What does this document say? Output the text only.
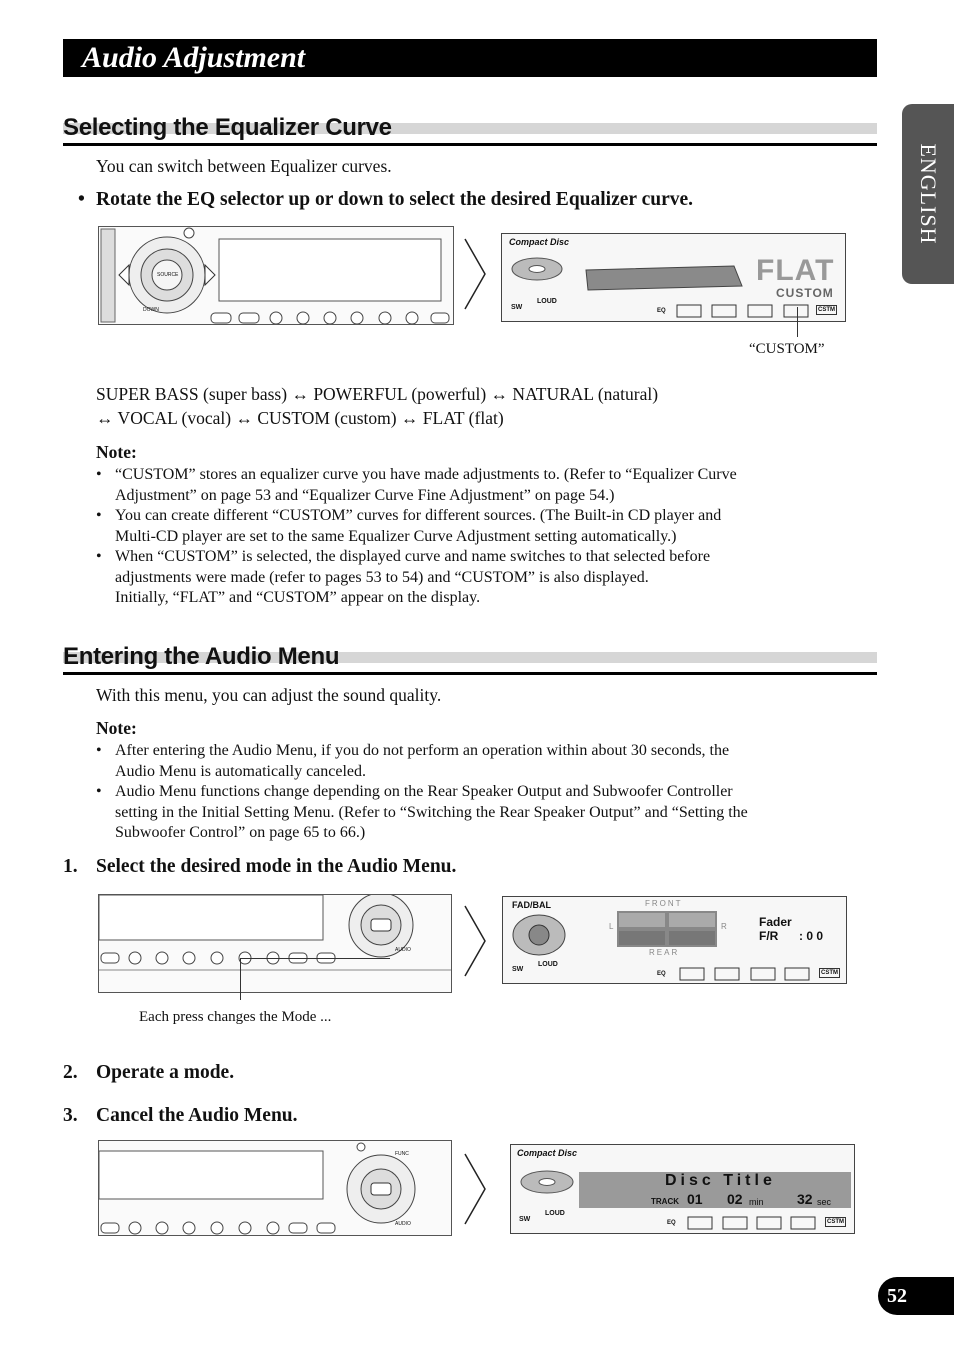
Audio Adjustment
ENGLISH
Selecting the Equalizer Curve
You can switch between Equalizer curves.
• Rotate the EQ selector up or down to select the desired Equalizer curve.
SOURCE
DOWN
Compact Disc
FLAT
CUSTOM
SW
LOUD
EQ	CSTM
“CUSTOM”
SUPER BASS (super bass) ↔ POWERFUL (powerful) ↔ NATURAL (natural)
↔ VOCAL (vocal) ↔ CUSTOM (custom) ↔ FLAT (flat)
Note:
• “CUSTOM” stores an equalizer curve you have made adjustments to. (Refer to “Equalizer Curve
Adjustment” on page 53 and “Equalizer Curve Fine Adjustment” on page 54.)
• You can create different “CUSTOM” curves for different sources. (The Built-in CD player and
Multi-CD player are set to the same Equalizer Curve Adjustment setting automatically.)
• When “CUSTOM” is selected, the displayed curve and name switches to that selected before
adjustments were made (refer to pages 53 to 54) and “CUSTOM” is also displayed.
Initially, “FLAT” and “CUSTOM” appear on the display.
Entering the Audio Menu
With this menu, you can adjust the sound quality.
Note:
• After entering the Audio Menu, if you do not perform an operation within about 30 seconds, the
Audio Menu is automatically canceled.
• Audio Menu functions change depending on the Rear Speaker Output and Subwoofer Controller
setting in the Initial Setting Menu. (Refer to “Switching the Rear Speaker Output” and “Setting the
Subwoofer Control” on page 65 to 66.)
1. Select the desired mode in the Audio Menu.
AUDIO
Each press changes the Mode ...
FAD/BAL	FRONT
REAR
L	R	Fader
F/R : 0 0
SW
LOUD
EQ	CSTM
2. Operate a mode.
3. Cancel the Audio Menu.
AUDIO
FUNC	Compact Disc
Disc Title
TRACK 01 02 min 32 sec
SW
LOUD
EQ	CSTM
52
